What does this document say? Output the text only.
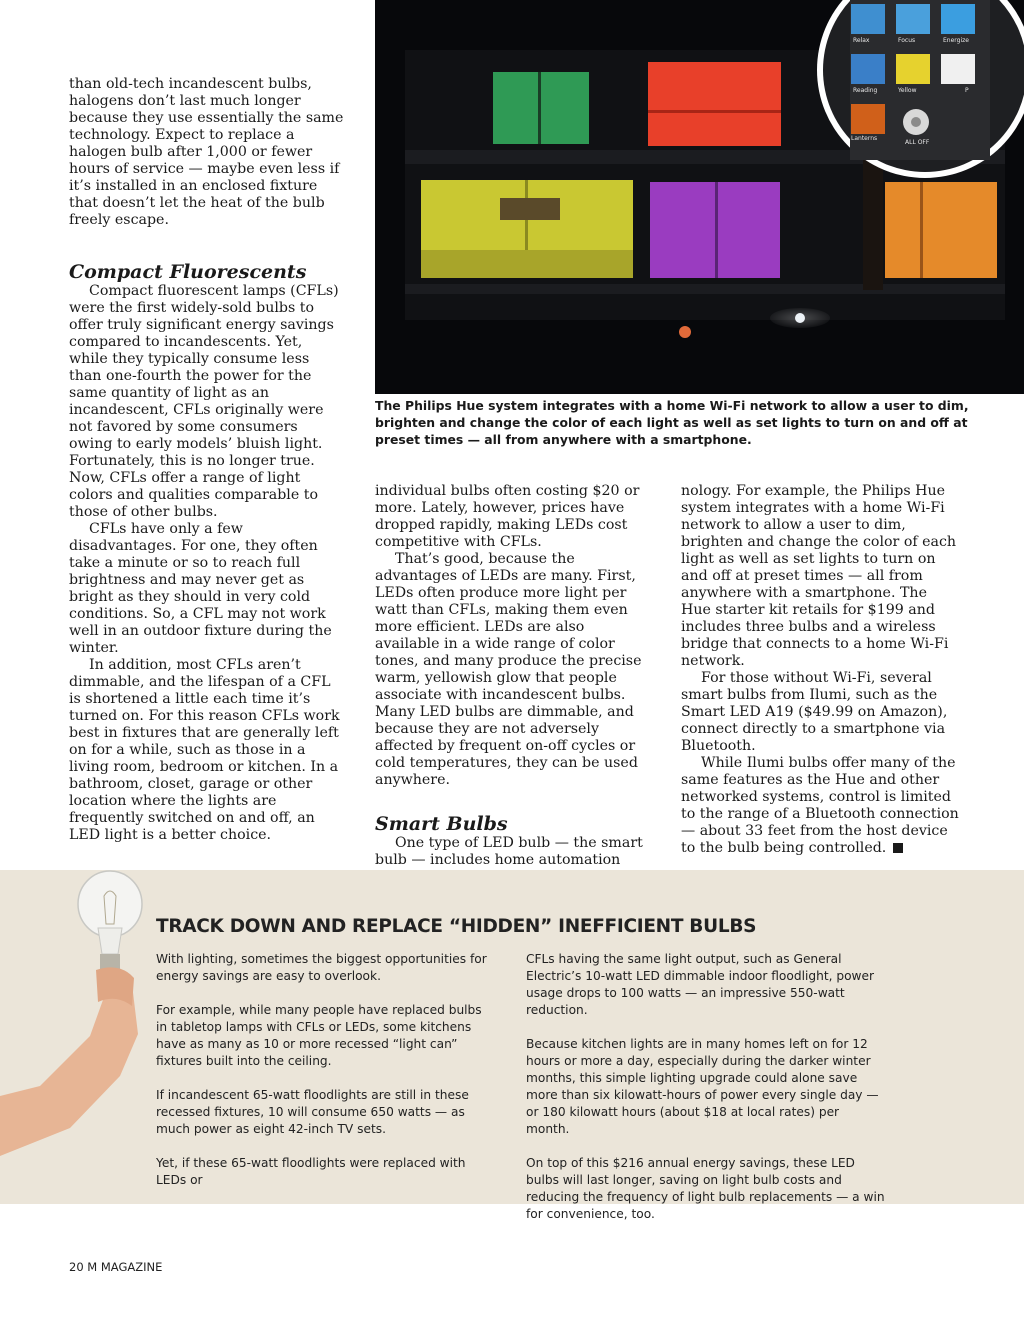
than old-tech incandescent bulbs, halogens don’t last much longer because they use essentially the same technology. Expect to replace a halogen bulb after 1,000 or fewer hours of service — maybe even less if it’s installed in an enclosed fixture that doesn’t let the heat of the bulb freely escape.

Compact Fluorescents

Compact fluorescent lamps (CFLs) were the first widely-sold bulbs to offer truly significant energy savings compared to incandescents. Yet, while they typically consume less than one-fourth the power for the same quantity of light as an incandescent, CFLs originally were not favored by some consumers owing to early models’ bluish light. Fortunately, this is no longer true. Now, CFLs offer a range of light colors and qualities comparable to those of other bulbs.

CFLs have only a few disadvantages. For one, they often take a minute or so to reach full brightness and may never get as bright as they should in very cold conditions. So, a CFL may not work well in an outdoor fixture during the winter.

In addition, most CFLs aren’t dimmable, and the lifespan of a CFL is shortened a little each time it’s turned on. For this reason CFLs work best in fixtures that are generally left on for a while, such as those in a living room, bedroom or kitchen. In a bathroom, closet, garage or other location where the lights are frequently switched on and off, an LED light is a better choice.

Relax	Focus	Energize
Reading	Yellow	P
Lanterns
ALL OFF
The Philips Hue system integrates with a home Wi-Fi network to allow a user to dim, brighten and change the color of each light as well as set lights to turn on and off at preset times — all from anywhere with a smartphone.

individual bulbs often costing $20 or more. Lately, however, prices have dropped rapidly, making LEDs cost competitive with CFLs.

That’s good, because the advantages of LEDs are many. First, LEDs often produce more light per watt than CFLs, making them even more efficient. LEDs are also available in a wide range of color tones, and many produce the precise warm, yellowish glow that people associate with incandescent bulbs. Many LED bulbs are dimmable, and because they are not adversely affected by frequent on-off cycles or cold temperatures, they can be used anywhere.

Smart Bulbs

One type of LED bulb — the smart bulb — includes home automation

nology. For example, the Philips Hue system integrates with a home Wi-Fi network to allow a user to dim, brighten and change the color of each light as well as set lights to turn on and off at preset times — all from anywhere with a smartphone. The Hue starter kit retails for $199 and includes three bulbs and a wireless bridge that connects to a home Wi-Fi network.

For those without Wi-Fi, several smart bulbs from Ilumi, such as the Smart LED A19 ($49.99 on Amazon), connect directly to a smartphone via Bluetooth.

While Ilumi bulbs offer many of the same features as the Hue and other networked systems, control is limited to the range of a Bluetooth connection — about 33 feet from the host device to the bulb being controlled.

TRACK DOWN AND REPLACE “HIDDEN” INEFFICIENT BULBS

With lighting, sometimes the biggest opportunities for energy savings are easy to overlook.

For example, while many people have replaced bulbs in tabletop lamps with CFLs or LEDs, some kitchens have as many as 10 or more recessed “light can” fixtures built into the ceiling.

If incandescent 65-watt floodlights are still in these recessed fixtures, 10 will consume 650 watts — as much power as eight 42-inch TV sets.

Yet, if these 65-watt floodlights were replaced with LEDs or

CFLs having the same light output, such as General Electric’s 10-watt LED dimmable indoor floodlight, power usage drops to 100 watts — an impressive 550-watt reduction.

Because kitchen lights are in many homes left on for 12 hours or more a day, especially during the darker winter months, this simple lighting upgrade could alone save more than six kilowatt-hours of power every single day — or 180 kilowatt hours (about $18 at local rates) per month.

On top of this $216 annual energy savings, these LED bulbs will last longer, saving on light bulb costs and reducing the frequency of light bulb replacements — a win for convenience, too.

20 M MAGAZINE
